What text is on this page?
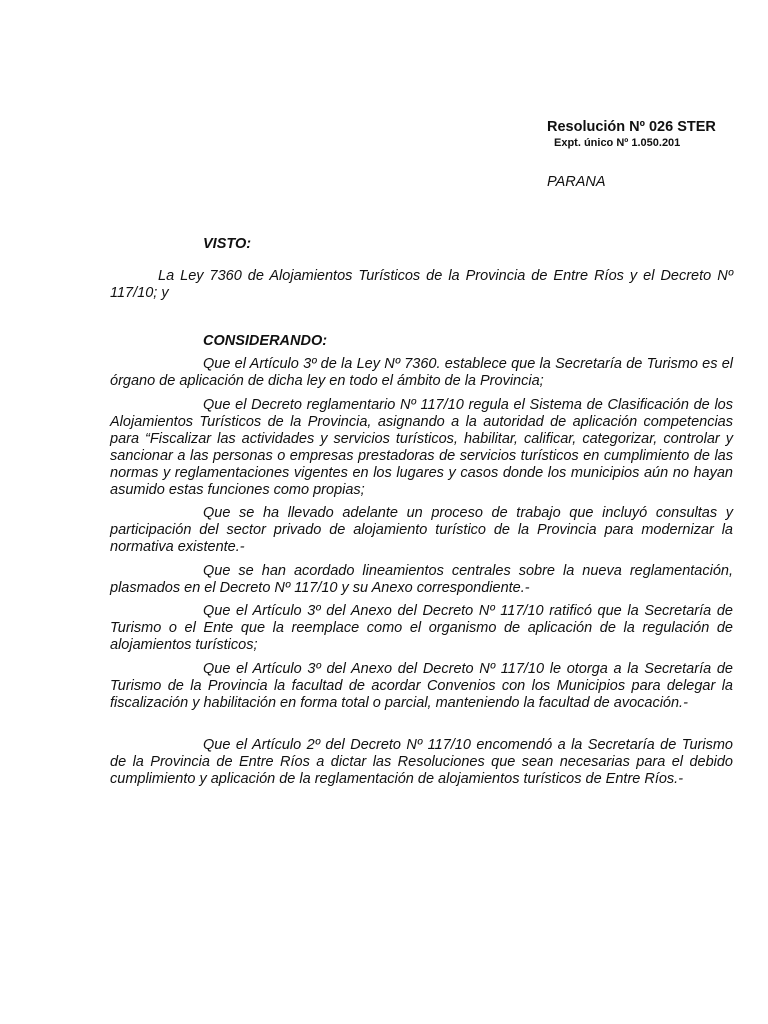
Resolución Nº 026 STER
Expt. único Nº 1.050.201
PARANA
VISTO:

La Ley 7360 de Alojamientos Turísticos de la Provincia de Entre Ríos y el Decreto Nº 117/10; y

CONSIDERANDO:

Que el Artículo 3º de la Ley Nº 7360. establece que la Secretaría de Turismo es el órgano de aplicación de dicha ley en todo el ámbito de la Provincia;

Que el Decreto reglamentario Nº 117/10 regula el Sistema de Clasificación de los Alojamientos Turísticos de la Provincia, asignando a la autoridad de aplicación competencias para “Fiscalizar las actividades y servicios turísticos, habilitar, calificar, categorizar, controlar y sancionar a las personas o empresas prestadoras de servicios turísticos en cumplimiento de las normas y reglamentaciones vigentes en los lugares y casos donde los municipios aún no hayan asumido estas funciones como propias;

Que se ha llevado adelante un proceso de trabajo que incluyó consultas y participación del sector privado de alojamiento turístico de la Provincia para modernizar la normativa existente.-

Que se han acordado lineamientos centrales sobre la nueva reglamentación, plasmados en el Decreto Nº 117/10 y su Anexo correspondiente.-

Que el Artículo 3º del Anexo del Decreto Nº 117/10 ratificó que la Secretaría de Turismo o el Ente que la reemplace como el organismo de aplicación de la regulación de alojamientos turísticos;

Que el Artículo 3º del Anexo del Decreto Nº 117/10 le otorga a la Secretaría de Turismo de la Provincia la facultad de acordar Convenios con los Municipios para delegar la fiscalización y habilitación en forma total o parcial, manteniendo la facultad de avocación.-

Que el Artículo 2º del Decreto Nº 117/10 encomendó a la Secretaría de Turismo de la Provincia de Entre Ríos a dictar las Resoluciones que sean necesarias para el debido cumplimiento y aplicación de la reglamentación de alojamientos turísticos de Entre Ríos.-
